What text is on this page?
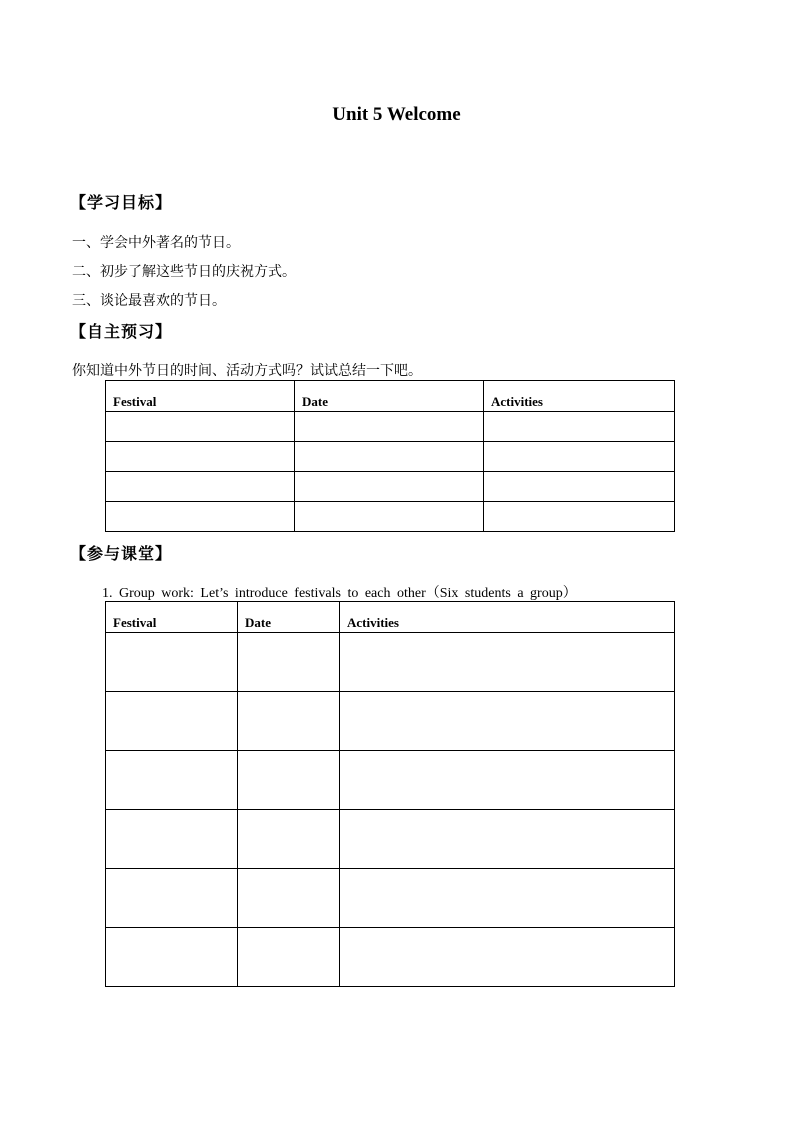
Unit 5 Welcome
【学习目标】
一、学会中外著名的节日。
二、初步了解这些节日的庆祝方式。
三、谈论最喜欢的节日。
【自主预习】
你知道中外节日的时间、活动方式吗？试试总结一下吧。
Festival	Date	Activities

【参与课堂】
1. Group work: Let’s introduce festivals to each other（Six students a group）
Festival	Date	Activities
